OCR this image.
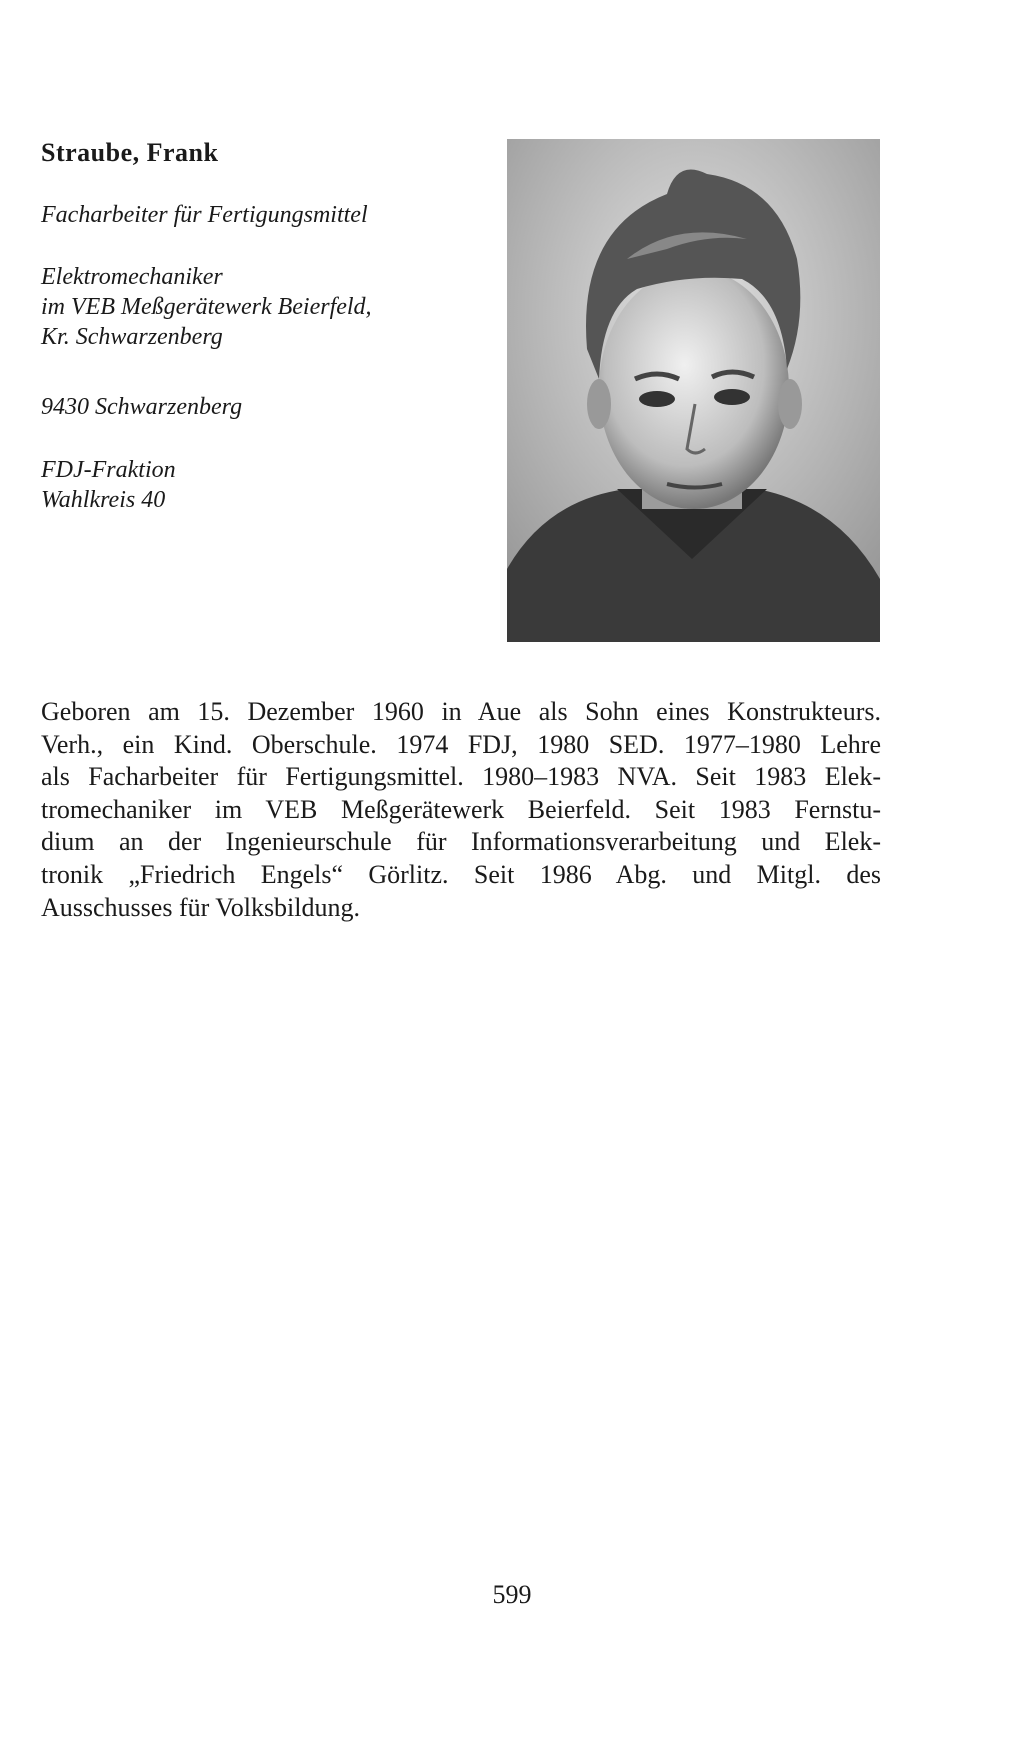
Straube, Frank
Facharbeiter für Fertigungsmittel
Elektromechaniker
im VEB Meßgerätewerk Beierfeld,
Kr. Schwarzenberg
9430 Schwarzenberg
FDJ-Fraktion
Wahlkreis 40
Geboren am 15. Dezember 1960 in Aue als Sohn eines Konstrukteurs.
Verh., ein Kind. Oberschule. 1974 FDJ, 1980 SED. 1977–1980 Lehre
als Facharbeiter für Fertigungsmittel. 1980–1983 NVA. Seit 1983 Elek-
tromechaniker im VEB Meßgerätewerk Beierfeld. Seit 1983 Fernstu-
dium an der Ingenieurschule für Informationsverarbeitung und Elek-
tronik „Friedrich Engels“ Görlitz. Seit 1986 Abg. und Mitgl. des
Ausschusses für Volksbildung.
599
